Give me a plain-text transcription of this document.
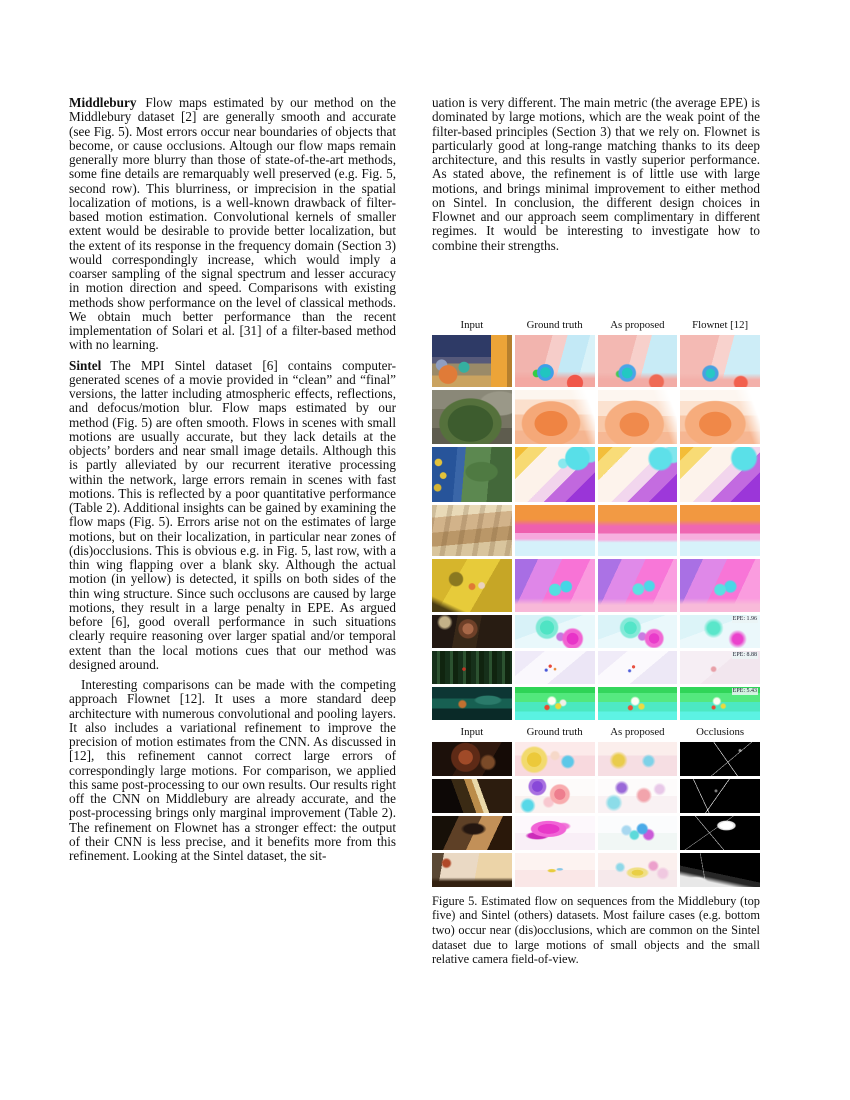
Middlebury Flow maps estimated by our method on the Middlebury dataset [2] are generally smooth and accurate (see Fig. 5). Most errors occur near boundaries of objects that become, or cause occlusions. Altough our flow maps remain generally more blurry than those of state-of-the-art methods, some fine details are remarquably well preserved (e.g. Fig. 5, second row). This blurriness, or imprecision in the spatial localization of motions, is a well-known drawback of filter-based motion estimation. Convolutional kernels of smaller extent would be desirable to provide better localization, but the extent of its response in the frequency domain (Section 3) would correspondingly increase, which would imply a coarser sampling of the signal spectrum and lesser accuracy in motion direction and speed. Comparisons with existing methods show performance on the level of classical methods. We obtain much better performance than the recent implementation of Solari et al. [31] of a filter-based method with no learning.

Sintel The MPI Sintel dataset [6] contains computer-generated scenes of a movie provided in “clean” and “final” versions, the latter including atmospheric effects, reflections, and defocus/motion blur. Flow maps estimated by our method (Fig. 5) are often smooth. Flows in scenes with small motions are usually accurate, but they lack details at the objects’ borders and near small image details. Although this is partly alleviated by our recurrent iterative processing within the network, large errors remain in scenes with fast motions. This is reflected by a poor quantitative performance (Table 2). Additional insights can be gained by examining the flow maps (Fig. 5). Errors arise not on the estimates of large motions, but on their localization, in particular near zones of (dis)occlusions. This is obvious e.g. in Fig. 5, last row, with a thin wing flapping over a blank sky. Although the actual motion (in yellow) is detected, it spills on both sides of the thin wing structure. Since such occlusons are caused by large motions, they result in a large penalty in EPE. As argued before [6], good overall performance in such situations clearly require reasoning over larger spatial and/or temporal extent than the local motions cues that our method was designed around.

Interesting comparisons can be made with the competing approach Flownet [12]. It uses a more standard deep architecture with numerous convolutional and pooling layers. It also includes a variational refinement to improve the precision of motion estimates from the CNN. As discussed in [12], this refinement cannot correct large errors of correspondingly large motions. For comparison, we applied this same post-processing to our own results. Our results right off the CNN on Middlebury are already accurate, and the post-processing brings only marginal improvement (Table 2). The refinement on Flownet has a stronger effect: the output of their CNN is less precise, and it benefits more from this refinement. Looking at the Sintel dataset, the sit-

uation is very different. The main metric (the average EPE) is dominated by large motions, which are the weak point of the filter-based principles (Section 3) that we rely on. Flownet is particularly good at long-range matching thanks to its deep architecture, and this results in vastly superior performance. As stated above, the refinement is of little use with large motions, and brings minimal improvement to either method on Sintel. In conclusion, the different design choices in Flownet and our approach seem complimentary in different regimes. It would be interesting to investigate how to combine their strengths.

Input	Ground truth	As proposed	Flownet [12]
EPE: 1.96
EPE: 8.88
EPE: 5.43
Input	Ground truth	As proposed	Occlusions
Figure 5. Estimated flow on sequences from the Middlebury (top five) and Sintel (others) datasets. Most failure cases (e.g. bottom two) occur near (dis)occlusions, which are common on the Sintel dataset due to large motions of small objects and the small relative camera field-of-view.
